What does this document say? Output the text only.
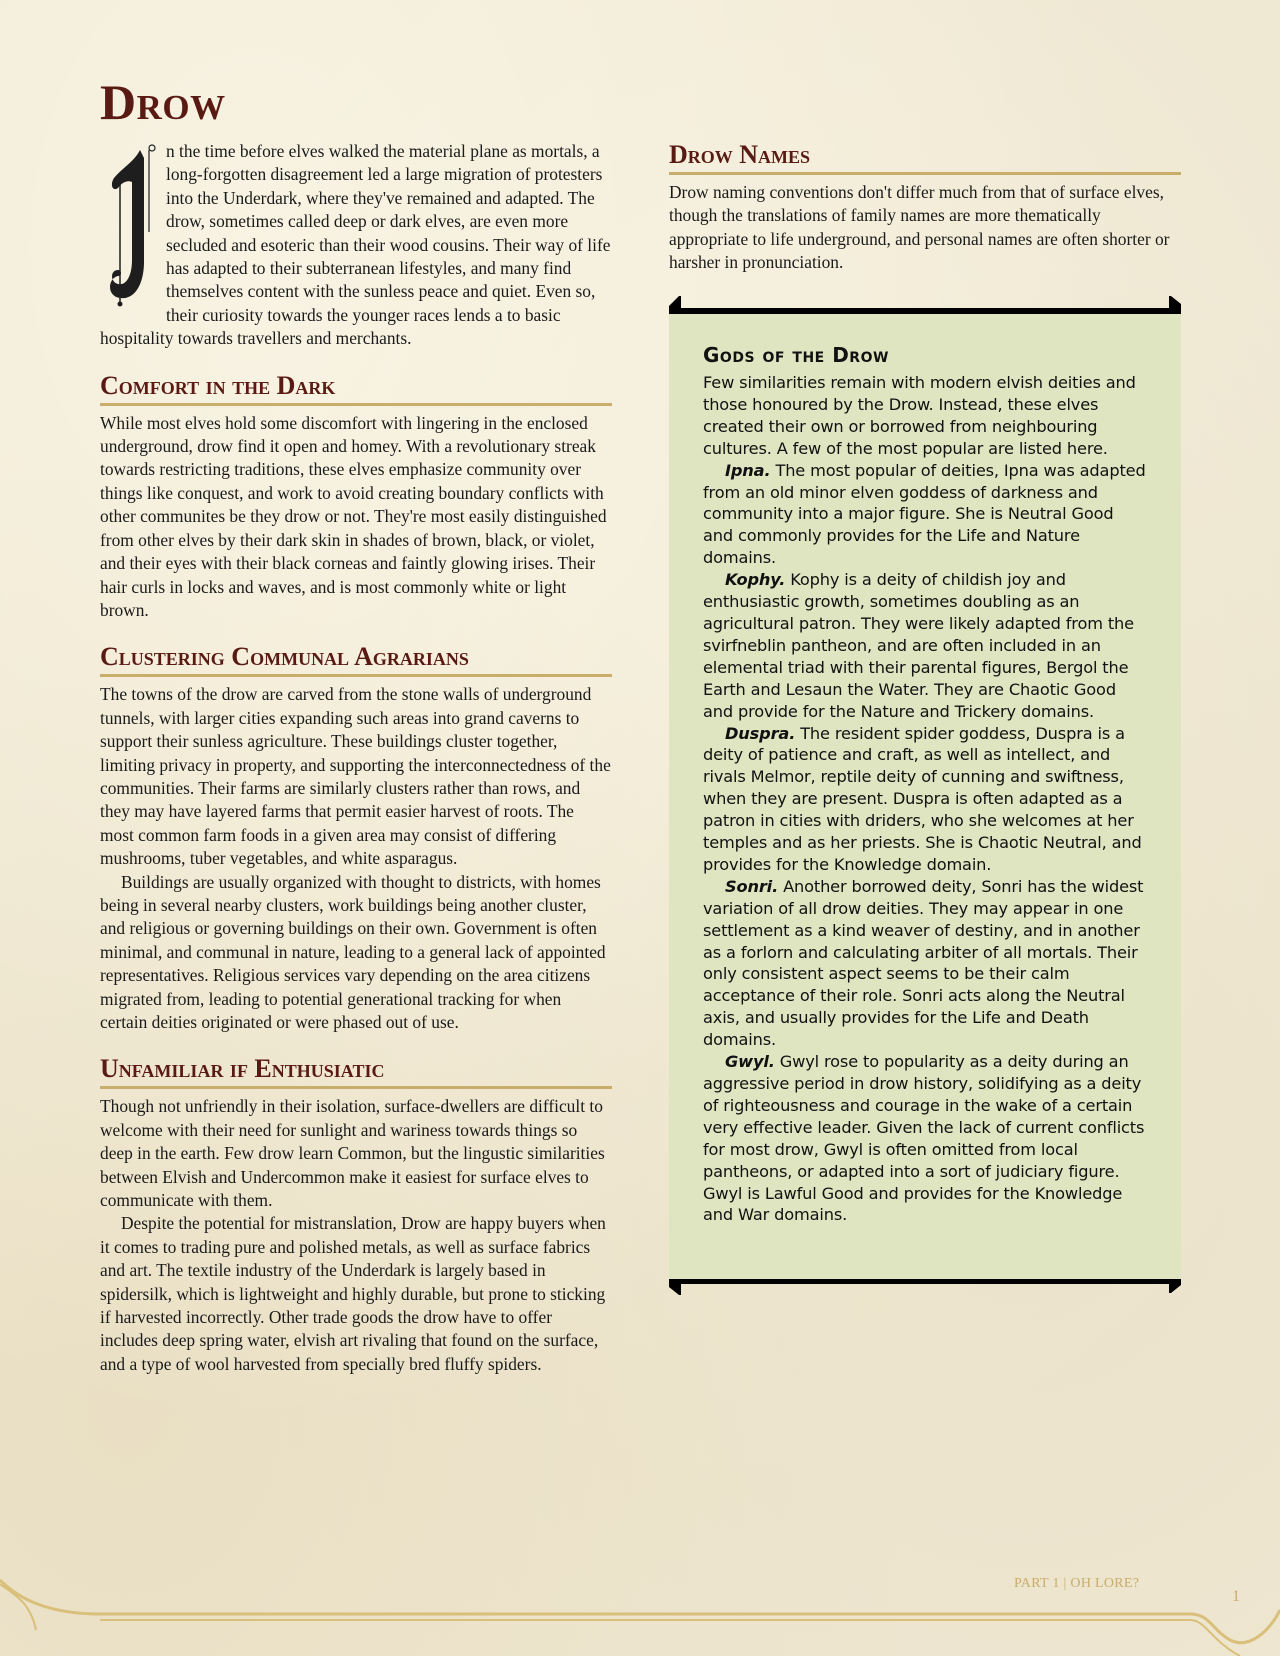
Drow

n the time before elves walked the material plane as mortals, a long-forgotten disagreement led a large migration of protesters into the Underdark, where they've remained and adapted. The drow, sometimes called deep or dark elves, are even more secluded and esoteric than their wood cousins. Their way of life has adapted to their subterranean lifestyles, and many find themselves content with the sunless peace and quiet. Even so, their curiosity towards the younger races lends a to basic hospitality towards travellers and merchants.

Comfort in the Dark

While most elves hold some discomfort with lingering in the enclosed underground, drow find it open and homey. With a revolutionary streak towards restricting traditions, these elves emphasize community over things like conquest, and work to avoid creating boundary conflicts with other communites be they drow or not. They're most easily distinguished from other elves by their dark skin in shades of brown, black, or violet, and their eyes with their black corneas and faintly glowing irises. Their hair curls in locks and waves, and is most commonly white or light brown.

Clustering Communal Agrarians

The towns of the drow are carved from the stone walls of underground tunnels, with larger cities expanding such areas into grand caverns to support their sunless agriculture. These buildings cluster together, limiting privacy in property, and supporting the interconnectedness of the communities. Their farms are similarly clusters rather than rows, and they may have layered farms that permit easier harvest of roots. The most common farm foods in a given area may consist of differing mushrooms, tuber vegetables, and white asparagus.

Buildings are usually organized with thought to districts, with homes being in several nearby clusters, work buildings being another cluster, and religious or governing buildings on their own. Government is often minimal, and communal in nature, leading to a general lack of appointed representatives. Religious services vary depending on the area citizens migrated from, leading to potential generational tracking for when certain deities originated or were phased out of use.

Unfamiliar if Enthusiatic

Though not unfriendly in their isolation, surface-dwellers are difficult to welcome with their need for sunlight and wariness towards things so deep in the earth. Few drow learn Common, but the lingustic similarities between Elvish and Undercommon make it easiest for surface elves to communicate with them.

Despite the potential for mistranslation, Drow are happy buyers when it comes to trading pure and polished metals, as well as surface fabrics and art. The textile industry of the Underdark is largely based in spidersilk, which is lightweight and highly durable, but prone to sticking if harvested incorrectly. Other trade goods the drow have to offer includes deep spring water, elvish art rivaling that found on the surface, and a type of wool harvested from specially bred fluffy spiders.

Drow Names

Drow naming conventions don't differ much from that of surface elves, though the translations of family names are more thematically appropriate to life underground, and personal names are often shorter or harsher in pronunciation.

Gods of the Drow

Few similarities remain with modern elvish deities and those honoured by the Drow. Instead, these elves created their own or borrowed from neighbouring cultures. A few of the most popular are listed here.

Ipna. The most popular of deities, Ipna was adapted from an old minor elven goddess of darkness and community into a major figure. She is Neutral Good and commonly provides for the Life and Nature domains.

Kophy. Kophy is a deity of childish joy and enthusiastic growth, sometimes doubling as an agricultural patron. They were likely adapted from the svirfneblin pantheon, and are often included in an elemental triad with their parental figures, Bergol the Earth and Lesaun the Water. They are Chaotic Good and provide for the Nature and Trickery domains.

Duspra. The resident spider goddess, Duspra is a deity of patience and craft, as well as intellect, and rivals Melmor, reptile deity of cunning and swiftness, when they are present. Duspra is often adapted as a patron in cities with driders, who she welcomes at her temples and as her priests. She is Chaotic Neutral, and provides for the Knowledge domain.

Sonri. Another borrowed deity, Sonri has the widest variation of all drow deities. They may appear in one settlement as a kind weaver of destiny, and in another as a forlorn and calculating arbiter of all mortals. Their only consistent aspect seems to be their calm acceptance of their role. Sonri acts along the Neutral axis, and usually provides for the Life and Death domains.

Gwyl. Gwyl rose to popularity as a deity during an aggressive period in drow history, solidifying as a deity of righteousness and courage in the wake of a certain very effective leader. Given the lack of current conflicts for most drow, Gwyl is often omitted from local pantheons, or adapted into a sort of judiciary figure. Gwyl is Lawful Good and provides for the Knowledge and War domains.

PART 1 | OH LORE?
1
